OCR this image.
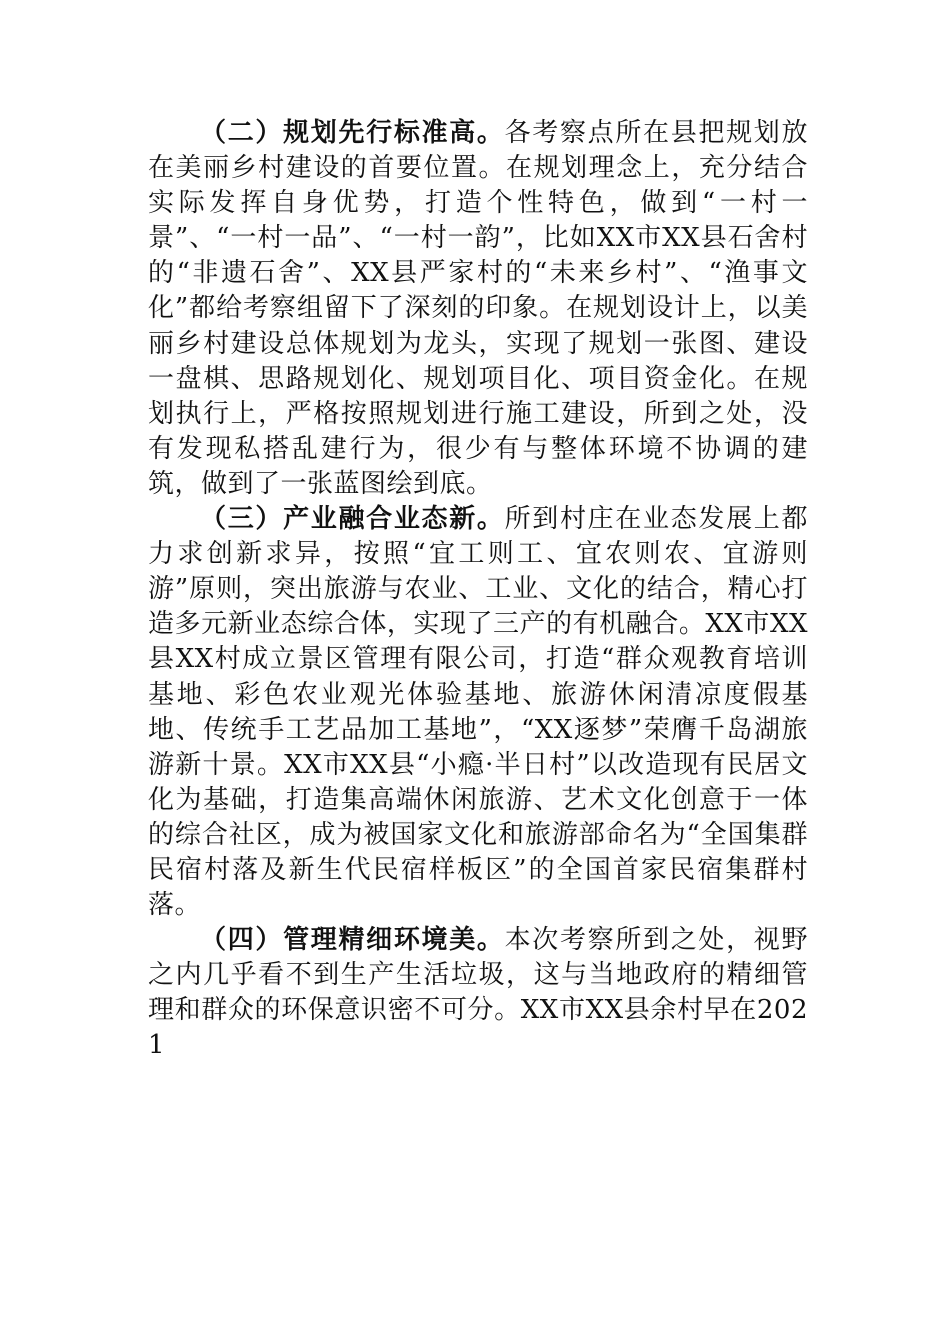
（二）规划先行标准高。各考察点所在县把规划放在美丽乡村建设的首要位置。在规划理念上，充分结合实际发挥自身优势，打造个性特色，做到“一村一景”、“一村一品”、“一村一韵”，比如XX市XX县石舍村的“非遗石舍”、XX县严家村的“未来乡村”、“渔事文化”都给考察组留下了深刻的印象。在规划设计上，以美丽乡村建设总体规划为龙头，实现了规划一张图、建设一盘棋、思路规划化、规划项目化、项目资金化。在规划执行上，严格按照规划进行施工建设，所到之处，没有发现私搭乱建行为，很少有与整体环境不协调的建筑，做到了一张蓝图绘到底。

（三）产业融合业态新。所到村庄在业态发展上都力求创新求异，按照“宜工则工、宜农则农、宜游则游”原则，突出旅游与农业、工业、文化的结合，精心打造多元新业态综合体，实现了三产的有机融合。XX市XX县XX村成立景区管理有限公司，打造“群众观教育培训基地、彩色农业观光体验基地、旅游休闲清凉度假基地、传统手工艺品加工基地”，“XX逐梦”荣膺千岛湖旅游新十景。XX市XX县“小瘾·半日村”以改造现有民居文化为基础，打造集高端休闲旅游、艺术文化创意于一体的综合社区，成为被国家文化和旅游部命名为“全国集群民宿村落及新生代民宿样板区”的全国首家民宿集群村落。

（四）管理精细环境美。本次考察所到之处，视野之内几乎看不到生产生活垃圾，这与当地政府的精细管理和群众的环保意识密不可分。XX市XX县余村早在2021
